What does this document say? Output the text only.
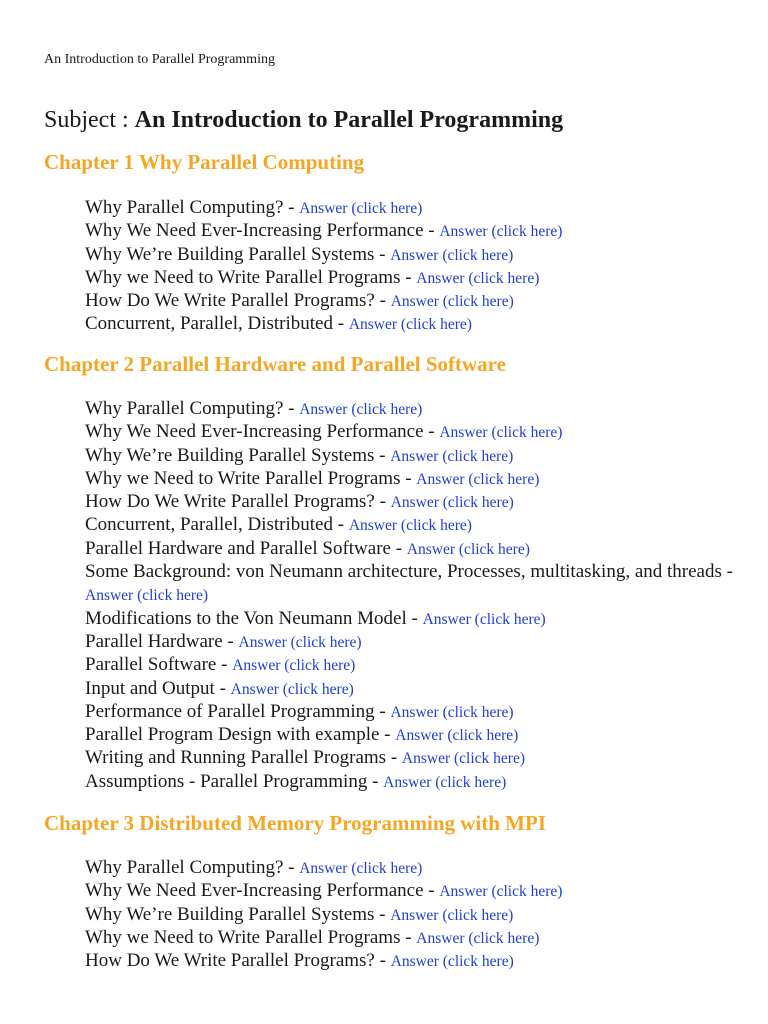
An Introduction to Parallel Programming
Subject : An Introduction to Parallel Programming
Chapter 1 Why Parallel Computing
Why Parallel Computing? - Answer (click here)
Why We Need Ever-Increasing Performance - Answer (click here)
Why We’re Building Parallel Systems - Answer (click here)
Why we Need to Write Parallel Programs - Answer (click here)
How Do We Write Parallel Programs? - Answer (click here)
Concurrent, Parallel, Distributed - Answer (click here)
Chapter 2 Parallel Hardware and Parallel Software
Why Parallel Computing? - Answer (click here)
Why We Need Ever-Increasing Performance - Answer (click here)
Why We’re Building Parallel Systems - Answer (click here)
Why we Need to Write Parallel Programs - Answer (click here)
How Do We Write Parallel Programs? - Answer (click here)
Concurrent, Parallel, Distributed - Answer (click here)
Parallel Hardware and Parallel Software - Answer (click here)
Some Background: von Neumann architecture, Processes, multitasking, and threads - Answer (click here)
Modifications to the Von Neumann Model - Answer (click here)
Parallel Hardware - Answer (click here)
Parallel Software - Answer (click here)
Input and Output - Answer (click here)
Performance of Parallel Programming - Answer (click here)
Parallel Program Design with example - Answer (click here)
Writing and Running Parallel Programs - Answer (click here)
Assumptions - Parallel Programming - Answer (click here)
Chapter 3 Distributed Memory Programming with MPI
Why Parallel Computing? - Answer (click here)
Why We Need Ever-Increasing Performance - Answer (click here)
Why We’re Building Parallel Systems - Answer (click here)
Why we Need to Write Parallel Programs - Answer (click here)
How Do We Write Parallel Programs? - Answer (click here)
